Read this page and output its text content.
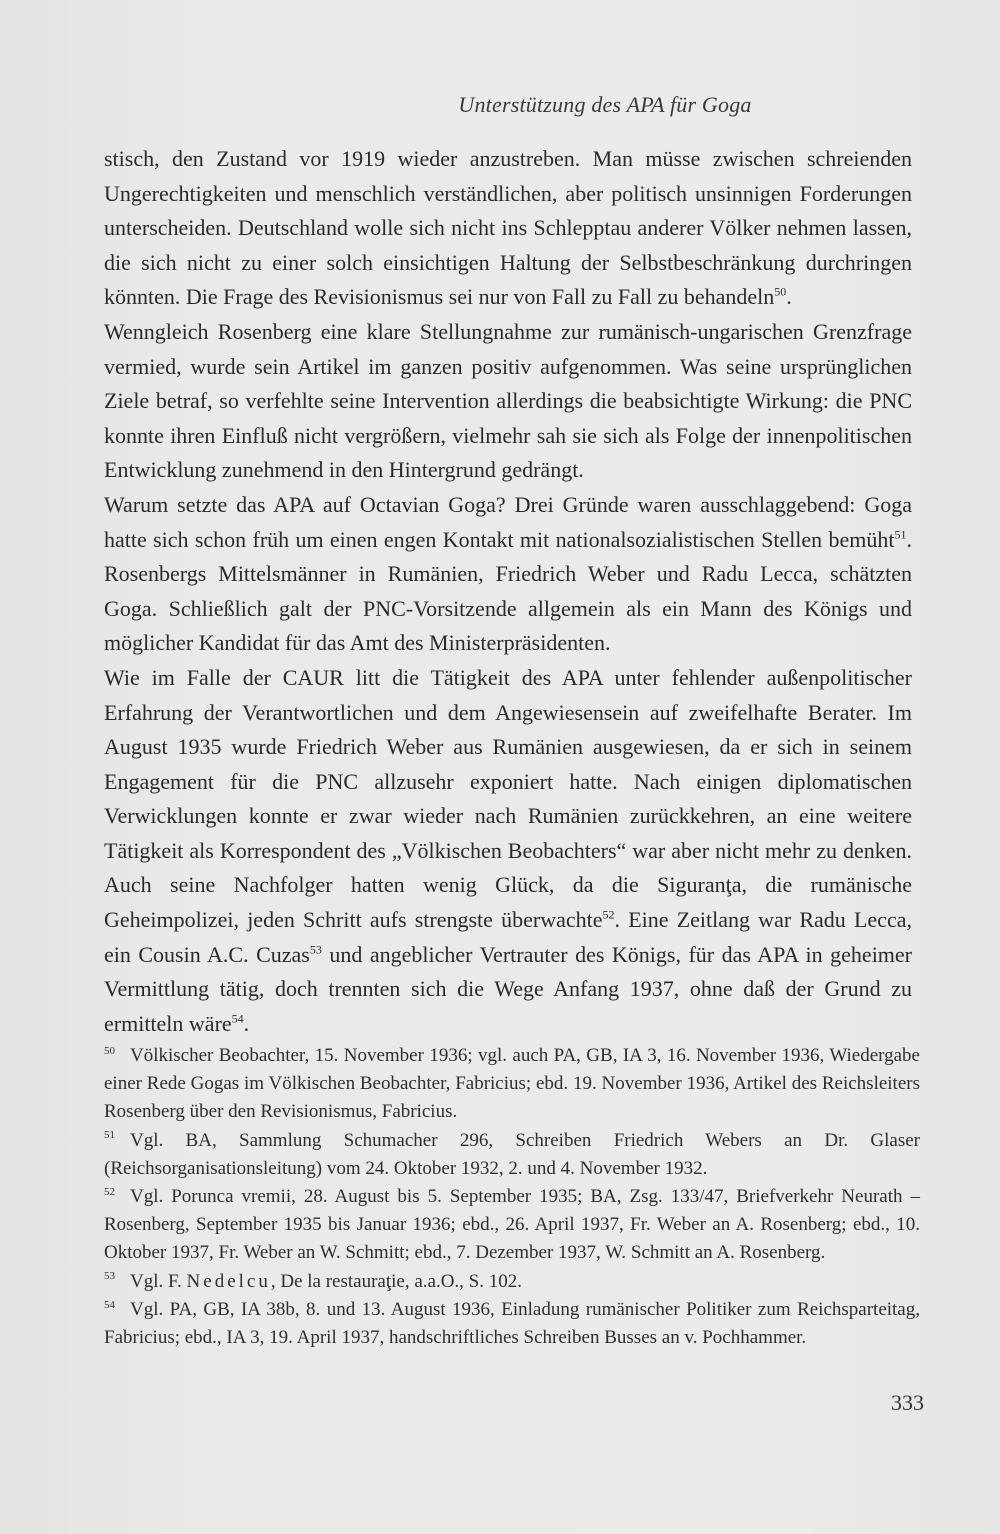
Unterstützung des APA für Goga

stisch, den Zustand vor 1919 wieder anzustreben. Man müsse zwischen schreienden Ungerechtigkeiten und menschlich verständlichen, aber politisch unsinnigen Forderungen unterscheiden. Deutschland wolle sich nicht ins Schlepptau anderer Völker nehmen lassen, die sich nicht zu einer solch einsichtigen Haltung der Selbstbeschränkung durchringen könnten. Die Frage des Revisionismus sei nur von Fall zu Fall zu behandeln$^{50}$.

Wenngleich Rosenberg eine klare Stellungnahme zur rumänisch-ungarischen Grenzfrage vermied, wurde sein Artikel im ganzen positiv aufgenommen. Was seine ursprünglichen Ziele betraf, so verfehlte seine Intervention allerdings die beabsichtigte Wirkung: die PNC konnte ihren Einfluß nicht vergrößern, vielmehr sah sie sich als Folge der innenpolitischen Entwicklung zunehmend in den Hintergrund gedrängt.

Warum setzte das APA auf Octavian Goga? Drei Gründe waren ausschlaggebend: Goga hatte sich schon früh um einen engen Kontakt mit nationalsozialistischen Stellen bemüht$^{51}$. Rosenbergs Mittelsmänner in Rumänien, Friedrich Weber und Radu Lecca, schätzten Goga. Schließlich galt der PNC-Vorsitzende allgemein als ein Mann des Königs und möglicher Kandidat für das Amt des Ministerpräsidenten.

Wie im Falle der CAUR litt die Tätigkeit des APA unter fehlender außenpolitischer Erfahrung der Verantwortlichen und dem Angewiesensein auf zweifelhafte Berater. Im August 1935 wurde Friedrich Weber aus Rumänien ausgewiesen, da er sich in seinem Engagement für die PNC allzusehr exponiert hatte. Nach einigen diplomatischen Verwicklungen konnte er zwar wieder nach Rumänien zurückkehren, an eine weitere Tätigkeit als Korrespondent des „Völkischen Beobachters“ war aber nicht mehr zu denken. Auch seine Nachfolger hatten wenig Glück, da die Siguranţa, die rumänische Geheimpolizei, jeden Schritt aufs strengste überwachte$^{52}$. Eine Zeitlang war Radu Lecca, ein Cousin A.C. Cuzas$^{53}$ und angeblicher Vertrauter des Königs, für das APA in geheimer Vermittlung tätig, doch trennten sich die Wege Anfang 1937, ohne daß der Grund zu ermitteln wäre$^{54}$.

50 Völkischer Beobachter, 15. November 1936; vgl. auch PA, GB, IA 3, 16. November 1936, Wiedergabe einer Rede Gogas im Völkischen Beobachter, Fabricius; ebd. 19. November 1936, Artikel des Reichsleiters Rosenberg über den Revisionismus, Fabricius.

51 Vgl. BA, Sammlung Schumacher 296, Schreiben Friedrich Webers an Dr. Glaser (Reichsorganisationsleitung) vom 24. Oktober 1932, 2. und 4. November 1932.

52 Vgl. Porunca vremii, 28. August bis 5. September 1935; BA, Zsg. 133/47, Briefverkehr Neurath – Rosenberg, September 1935 bis Januar 1936; ebd., 26. April 1937, Fr. Weber an A. Rosenberg; ebd., 10. Oktober 1937, Fr. Weber an W. Schmitt; ebd., 7. Dezember 1937, W. Schmitt an A. Rosenberg.

53 Vgl. F. Nedelcu, De la restauraţie, a.a.O., S. 102.

54 Vgl. PA, GB, IA 38b, 8. und 13. August 1936, Einladung rumänischer Politiker zum Reichsparteitag, Fabricius; ebd., IA 3, 19. April 1937, handschriftliches Schreiben Busses an v. Pochhammer.

333
